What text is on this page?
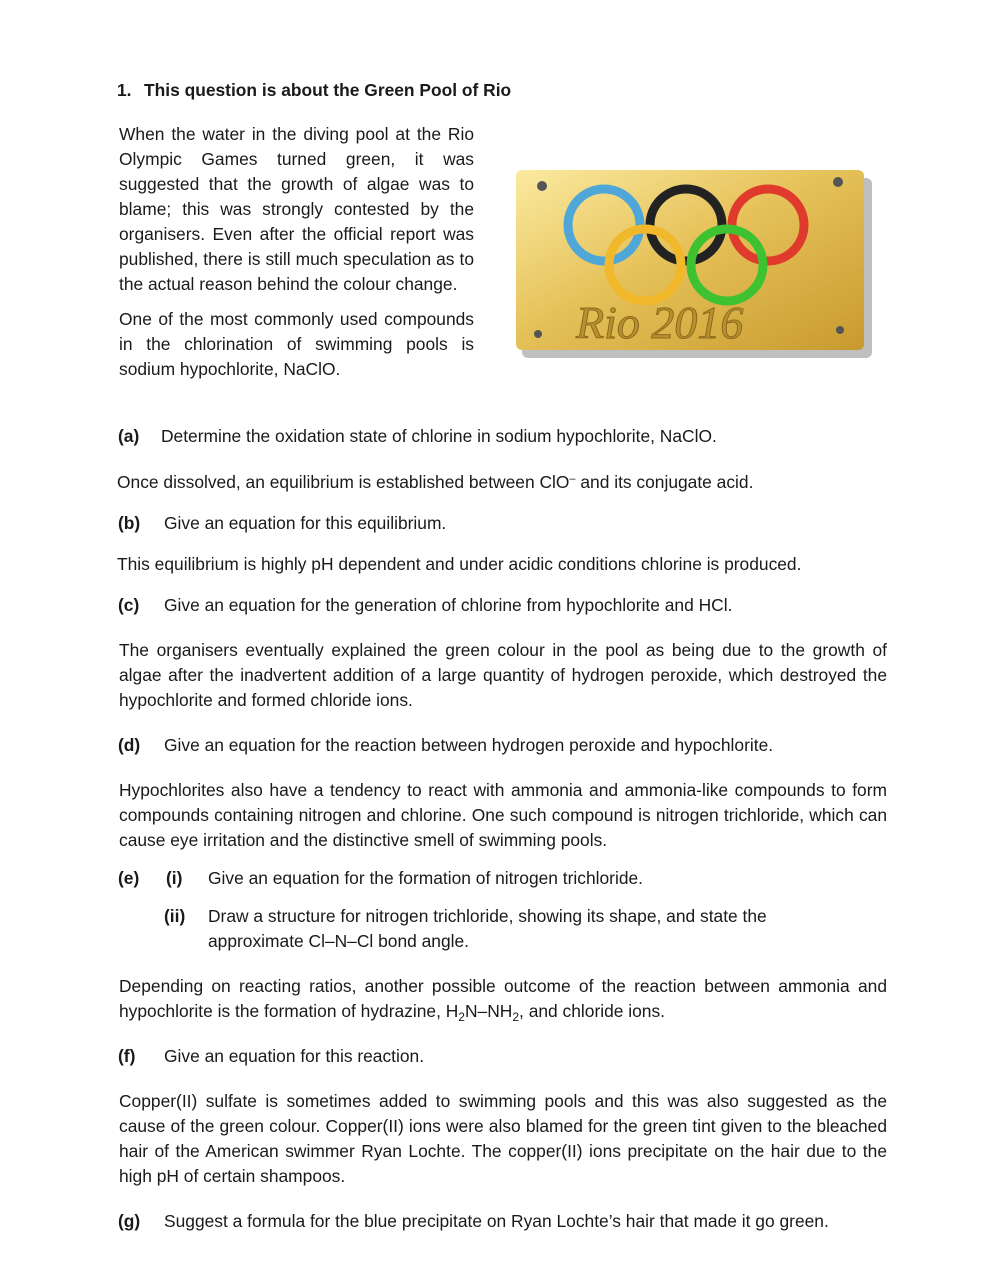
1. This question is about the Green Pool of Rio
When the water in the diving pool at the Rio Olympic Games turned green, it was suggested that the growth of algae was to blame; this was strongly contested by the organisers. Even after the official report was published, there is still much speculation as to the actual reason behind the colour change.
One of the most commonly used compounds in the chlorination of swimming pools is sodium hypochlorite, NaClO.
Rio 2016
(a) Determine the oxidation state of chlorine in sodium hypochlorite, NaClO.
Once dissolved, an equilibrium is established between ClO– and its conjugate acid.
(b) Give an equation for this equilibrium.
This equilibrium is highly pH dependent and under acidic conditions chlorine is produced.
(c) Give an equation for the generation of chlorine from hypochlorite and HCl.
The organisers eventually explained the green colour in the pool as being due to the growth of algae after the inadvertent addition of a large quantity of hydrogen peroxide, which destroyed the hypochlorite and formed chloride ions.
(d) Give an equation for the reaction between hydrogen peroxide and hypochlorite.
Hypochlorites also have a tendency to react with ammonia and ammonia-like compounds to form compounds containing nitrogen and chlorine. One such compound is nitrogen trichloride, which can cause eye irritation and the distinctive smell of swimming pools.
(e) (i) Give an equation for the formation of nitrogen trichloride.
(ii) Draw a structure for nitrogen trichloride, showing its shape, and state the approximate Cl–N–Cl bond angle.
Depending on reacting ratios, another possible outcome of the reaction between ammonia and hypochlorite is the formation of hydrazine, $H_2N-NH_2$, and chloride ions.
(f) Give an equation for this reaction.
Copper(II) sulfate is sometimes added to swimming pools and this was also suggested as the cause of the green colour. Copper(II) ions were also blamed for the green tint given to the bleached hair of the American swimmer Ryan Lochte. The copper(II) ions precipitate on the hair due to the high pH of certain shampoos.
(g) Suggest a formula for the blue precipitate on Ryan Lochte’s hair that made it go green.
